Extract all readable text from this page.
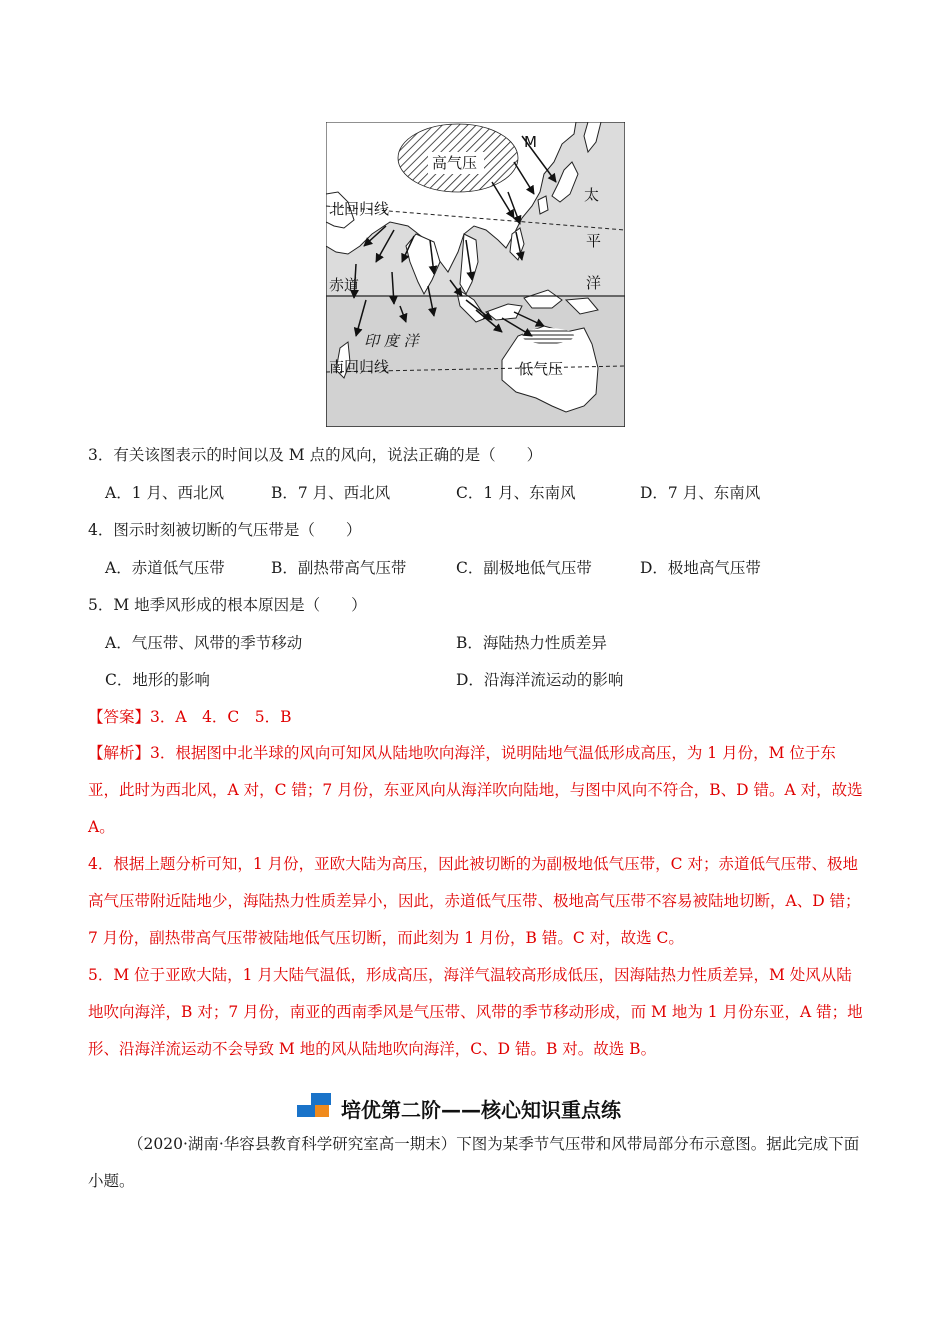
高气压
M
北回归线
赤道
南回归线
印 度 洋
太
平
洋
低气压
3．有关该图表示的时间以及 M 点的风向，说法正确的是（　　）
A．1 月、西北风	B．7 月、西北风	C．1 月、东南风	D．7 月、东南风
4．图示时刻被切断的气压带是（　　）
A．赤道低气压带	B．副热带高气压带	C．副极地低气压带	D．极地高气压带
5．M 地季风形成的根本原因是（　　）
A．气压带、风带的季节移动	B．海陆热力性质差异
C．地形的影响	D．沿海洋流运动的影响
【答案】3．A　4．C　5．B
【解析】3．根据图中北半球的风向可知风从陆地吹向海洋，说明陆地气温低形成高压，为 1 月份，M 位于东亚，此时为西北风，A 对，C 错；7 月份，东亚风向从海洋吹向陆地，与图中风向不符合，B、D 错。A 对，故选 A。
4．根据上题分析可知，1 月份，亚欧大陆为高压，因此被切断的为副极地低气压带，C 对；赤道低气压带、极地高气压带附近陆地少，海陆热力性质差异小，因此，赤道低气压带、极地高气压带不容易被陆地切断，A、D 错；7 月份，副热带高气压带被陆地低气压切断，而此刻为 1 月份，B 错。C 对，故选 C。
5．M 位于亚欧大陆，1 月大陆气温低，形成高压，海洋气温较高形成低压，因海陆热力性质差异，M 处风从陆地吹向海洋，B 对；7 月份，南亚的西南季风是气压带、风带的季节移动形成，而 M 地为 1 月份东亚，A 错；地形、沿海洋流运动不会导致 M 地的风从陆地吹向海洋，C、D 错。B 对。故选 B。
培优第二阶——核心知识重点练
（2020·湖南·华容县教育科学研究室高一期末）下图为某季节气压带和风带局部分布示意图。据此完成下面小题。
